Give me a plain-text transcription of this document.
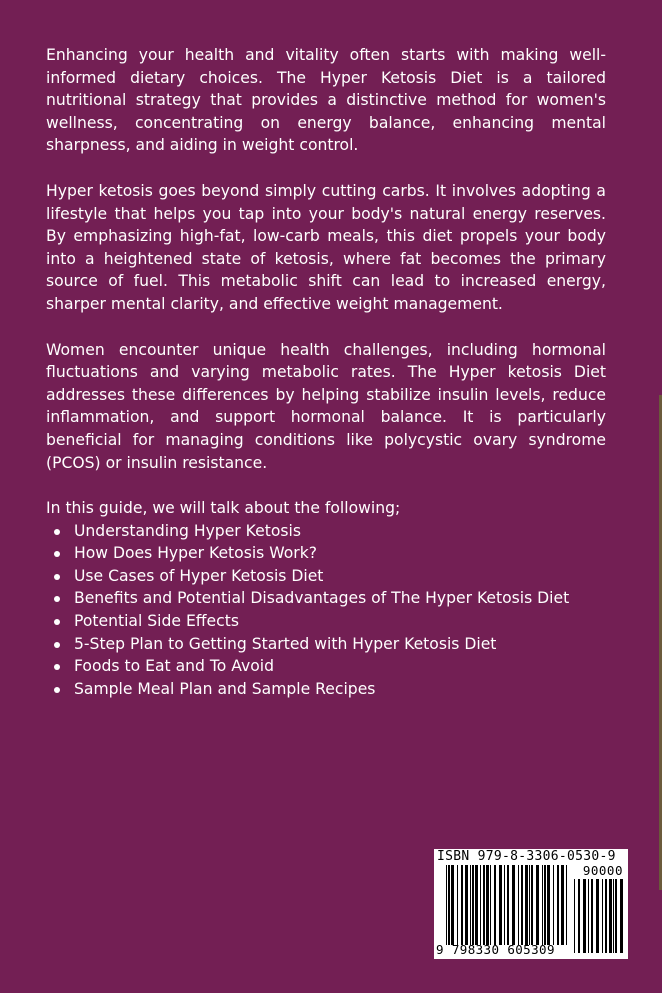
Enhancing your health and vitality often starts with making well-informed dietary choices. The Hyper Ketosis Diet is a tailored nutritional strategy that provides a distinctive method for women's wellness, concentrating on energy balance, enhancing mental sharpness, and aiding in weight control.

Hyper ketosis goes beyond simply cutting carbs. It involves adopting a lifestyle that helps you tap into your body's natural energy reserves. By emphasizing high-fat, low-carb meals, this diet propels your body into a heightened state of ketosis, where fat becomes the primary source of fuel. This metabolic shift can lead to increased energy, sharper mental clarity, and effective weight management.

Women encounter unique health challenges, including hormonal fluctuations and varying metabolic rates. The Hyper ketosis Diet addresses these differences by helping stabilize insulin levels, reduce inflammation, and support hormonal balance. It is particularly beneficial for managing conditions like polycystic ovary syndrome (PCOS) or insulin resistance.

In this guide, we will talk about the following;

Understanding Hyper Ketosis
How Does Hyper Ketosis Work?
Use Cases of Hyper Ketosis Diet
Benefits and Potential Disadvantages of The Hyper Ketosis Diet
Potential Side Effects
5-Step Plan to Getting Started with Hyper Ketosis Diet
Foods to Eat and To Avoid
Sample Meal Plan and Sample Recipes
ISBN 979-8-3306-0530-9
90000
9 798330 605309
